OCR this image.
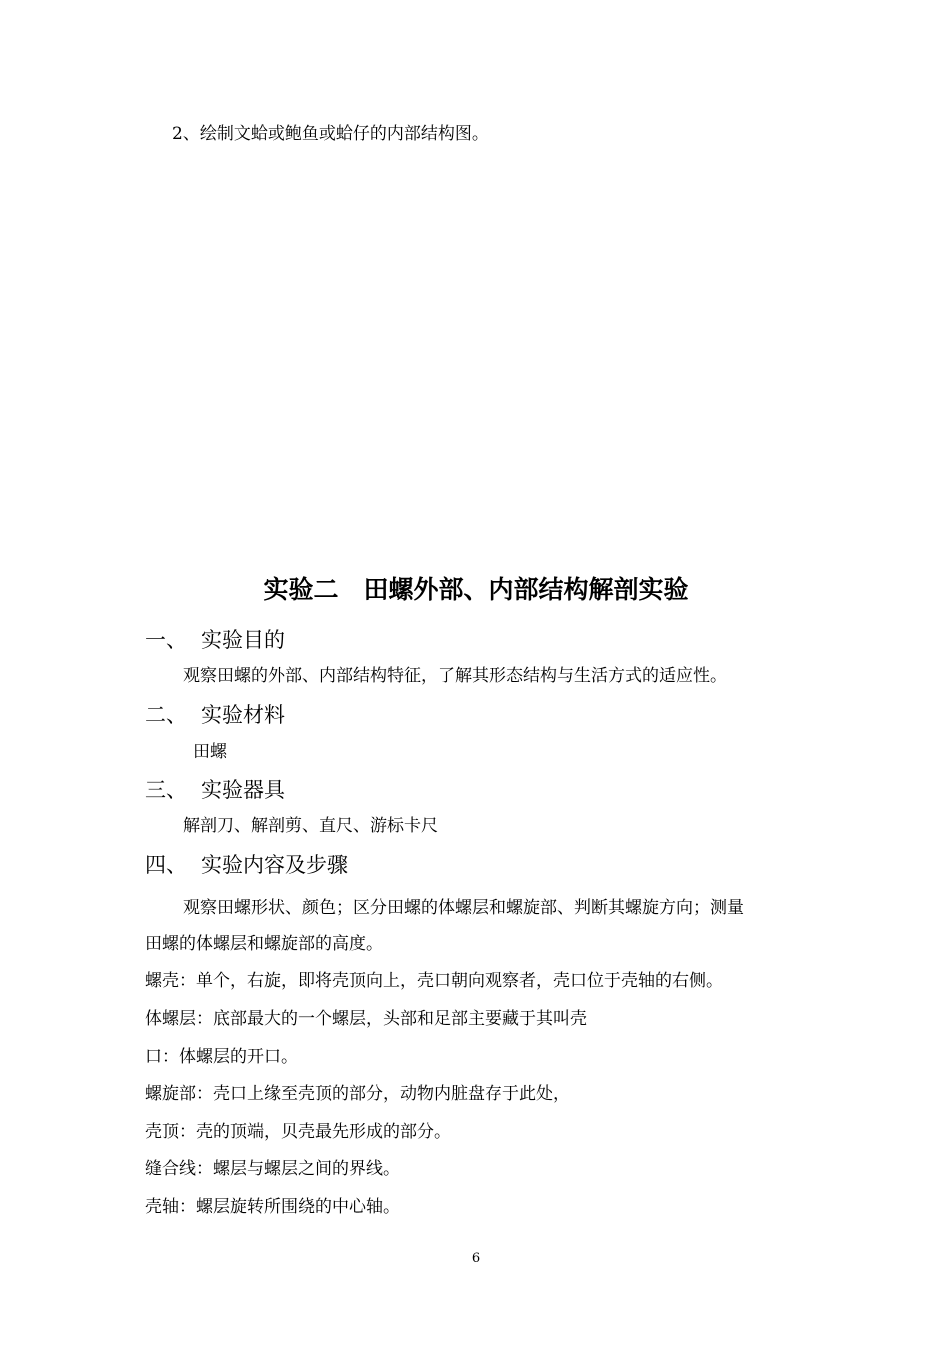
2、绘制文蛤或鲍鱼或蛤仔的内部结构图。
实验二　田螺外部、内部结构解剖实验
一、 实验目的
观察田螺的外部、内部结构特征，了解其形态结构与生活方式的适应性。
二、 实验材料
田螺
三、 实验器具
解剖刀、解剖剪、直尺、游标卡尺
四、 实验内容及步骤
观察田螺形状、颜色；区分田螺的体螺层和螺旋部、判断其螺旋方向；测量
田螺的体螺层和螺旋部的高度。
螺壳：单个，右旋，即将壳顶向上，壳口朝向观察者，壳口位于壳轴的右侧。
体螺层：底部最大的一个螺层，头部和足部主要藏于其叫壳
口：体螺层的开口。
螺旋部：壳口上缘至壳顶的部分，动物内脏盘存于此处，
壳顶：壳的顶端，贝壳最先形成的部分。
缝合线：螺层与螺层之间的界线。
壳轴：螺层旋转所围绕的中心轴。
6
